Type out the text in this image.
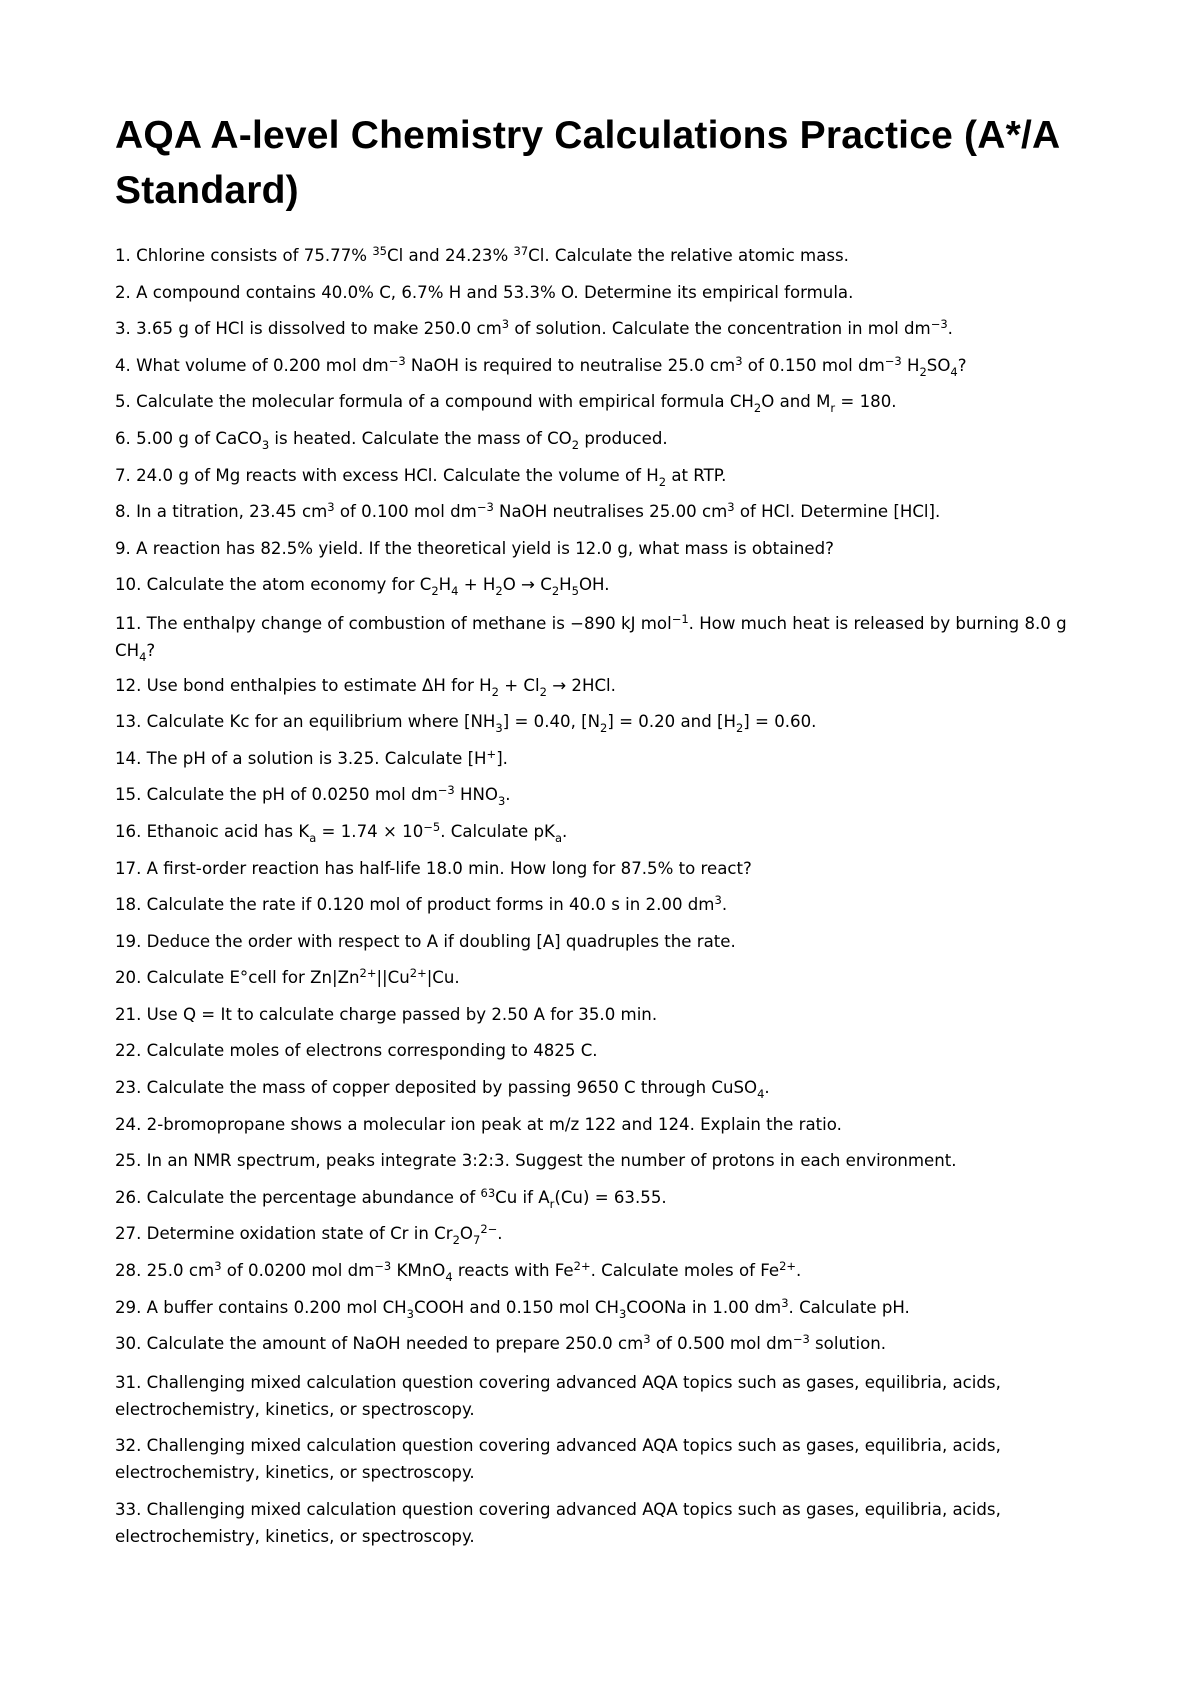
AQA A-level Chemistry Calculations Practice (A*/A Standard)
1. Chlorine consists of 75.77% $^{35}$Cl and 24.23% $^{37}$Cl. Calculate the relative atomic mass.
2. A compound contains 40.0% C, 6.7% H and 53.3% O. Determine its empirical formula.
3. 3.65 g of HCl is dissolved to make 250.0 $cm^3$ of solution. Calculate the concentration in mol $dm^{-3}$.
4. What volume of 0.200 mol $dm^{-3}$ NaOH is required to neutralise 25.0 $cm^3$ of 0.150 mol $dm^{-3}$ $H_2SO_4$?
5. Calculate the molecular formula of a compound with empirical formula $CH_2O$ and $M_r = 180$.
6. 5.00 g of CaCO$_3$ is heated. Calculate the mass of $CO_2$ produced.
7. 24.0 g of Mg reacts with excess HCl. Calculate the volume of $H_2$ at RTP.
8. In a titration, 23.45 $cm^3$ of 0.100 mol $dm^{-3}$ NaOH neutralises 25.00 $cm^3$ of HCl. Determine [HCl].
9. A reaction has 82.5% yield. If the theoretical yield is 12.0 g, what mass is obtained?
10. Calculate the atom economy for $C_2H_4 + H_2O \to C_2H_5OH$.
11. The enthalpy change of combustion of methane is −890 kJ mol$^{-1}$. How much heat is released by burning 8.0 g $CH_4$?
12. Use bond enthalpies to estimate ΔH for $H_2 + Cl_2 \to 2HCl$.
13. Calculate Kc for an equilibrium where $[NH_3] = 0.40$, $[N_2] = 0.20$ and $[H_2] = 0.60$.
14. The pH of a solution is 3.25. Calculate [H+].
15. Calculate the pH of 0.0250 mol $dm^{-3}$ $HNO_3$.
16. Ethanoic acid has $K_a = 1.74 \times 10^{-5}$. Calculate $pK_a$.
17. A first-order reaction has half-life 18.0 min. How long for 87.5% to react?
18. Calculate the rate if 0.120 mol of product forms in 40.0 s in 2.00 $dm^3$.
19. Deduce the order with respect to A if doubling [A] quadruples the rate.
20. Calculate E°cell for $Zn|Zn^{2+}||Cu^{2+}|Cu$.
21. Use Q = It to calculate charge passed by 2.50 A for 35.0 min.
22. Calculate moles of electrons corresponding to 4825 C.
23. Calculate the mass of copper deposited by passing 9650 C through CuSO$_4$.
24. 2-bromopropane shows a molecular ion peak at m/z 122 and 124. Explain the ratio.
25. In an NMR spectrum, peaks integrate 3:2:3. Suggest the number of protons in each environment.
26. Calculate the percentage abundance of $^{63}$Cu if $A_r(Cu) = 63.55$.
27. Determine oxidation state of Cr in $Cr_2O_7^{2-}$.
28. 25.0 $cm^3$ of 0.0200 mol $dm^{-3}$ KMnO$_4$ reacts with $Fe^{2+}$. Calculate moles of $Fe^{2+}$.
29. A buffer contains 0.200 mol $CH_3COOH$ and 0.150 mol $CH_3COONa$ in 1.00 $dm^3$. Calculate pH.
30. Calculate the amount of NaOH needed to prepare 250.0 $cm^3$ of 0.500 mol $dm^{-3}$ solution.
31. Challenging mixed calculation question covering advanced AQA topics such as gases, equilibria, acids, electrochemistry, kinetics, or spectroscopy.
32. Challenging mixed calculation question covering advanced AQA topics such as gases, equilibria, acids, electrochemistry, kinetics, or spectroscopy.
33. Challenging mixed calculation question covering advanced AQA topics such as gases, equilibria, acids, electrochemistry, kinetics, or spectroscopy.
